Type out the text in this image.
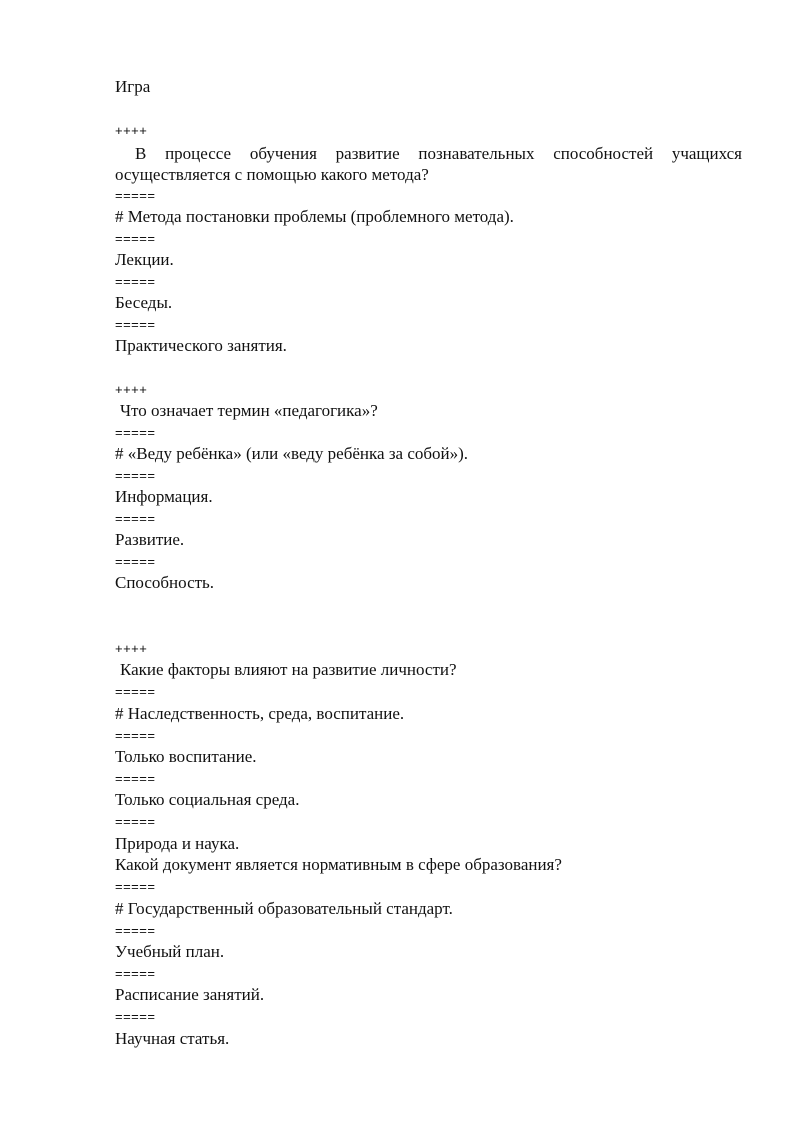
Игра
++++
В процессе обучения развитие познавательных способностей учащихся осуществляется с помощью какого метода?
=====
# Метода постановки проблемы (проблемного метода).
=====
Лекции.
=====
Беседы.
=====
Практического занятия.
++++
Что означает термин «педагогика»?
=====
# «Веду ребёнка» (или «веду ребёнка за собой»).
=====
Информация.
=====
Развитие.
=====
Способность.
++++
Какие факторы влияют на развитие личности?
=====
# Наследственность, среда, воспитание.
=====
Только воспитание.
=====
Только социальная среда.
=====
Природа и наука.
Какой документ является нормативным в сфере образования?
=====
# Государственный образовательный стандарт.
=====
Учебный план.
=====
Расписание занятий.
=====
Научная статья.
